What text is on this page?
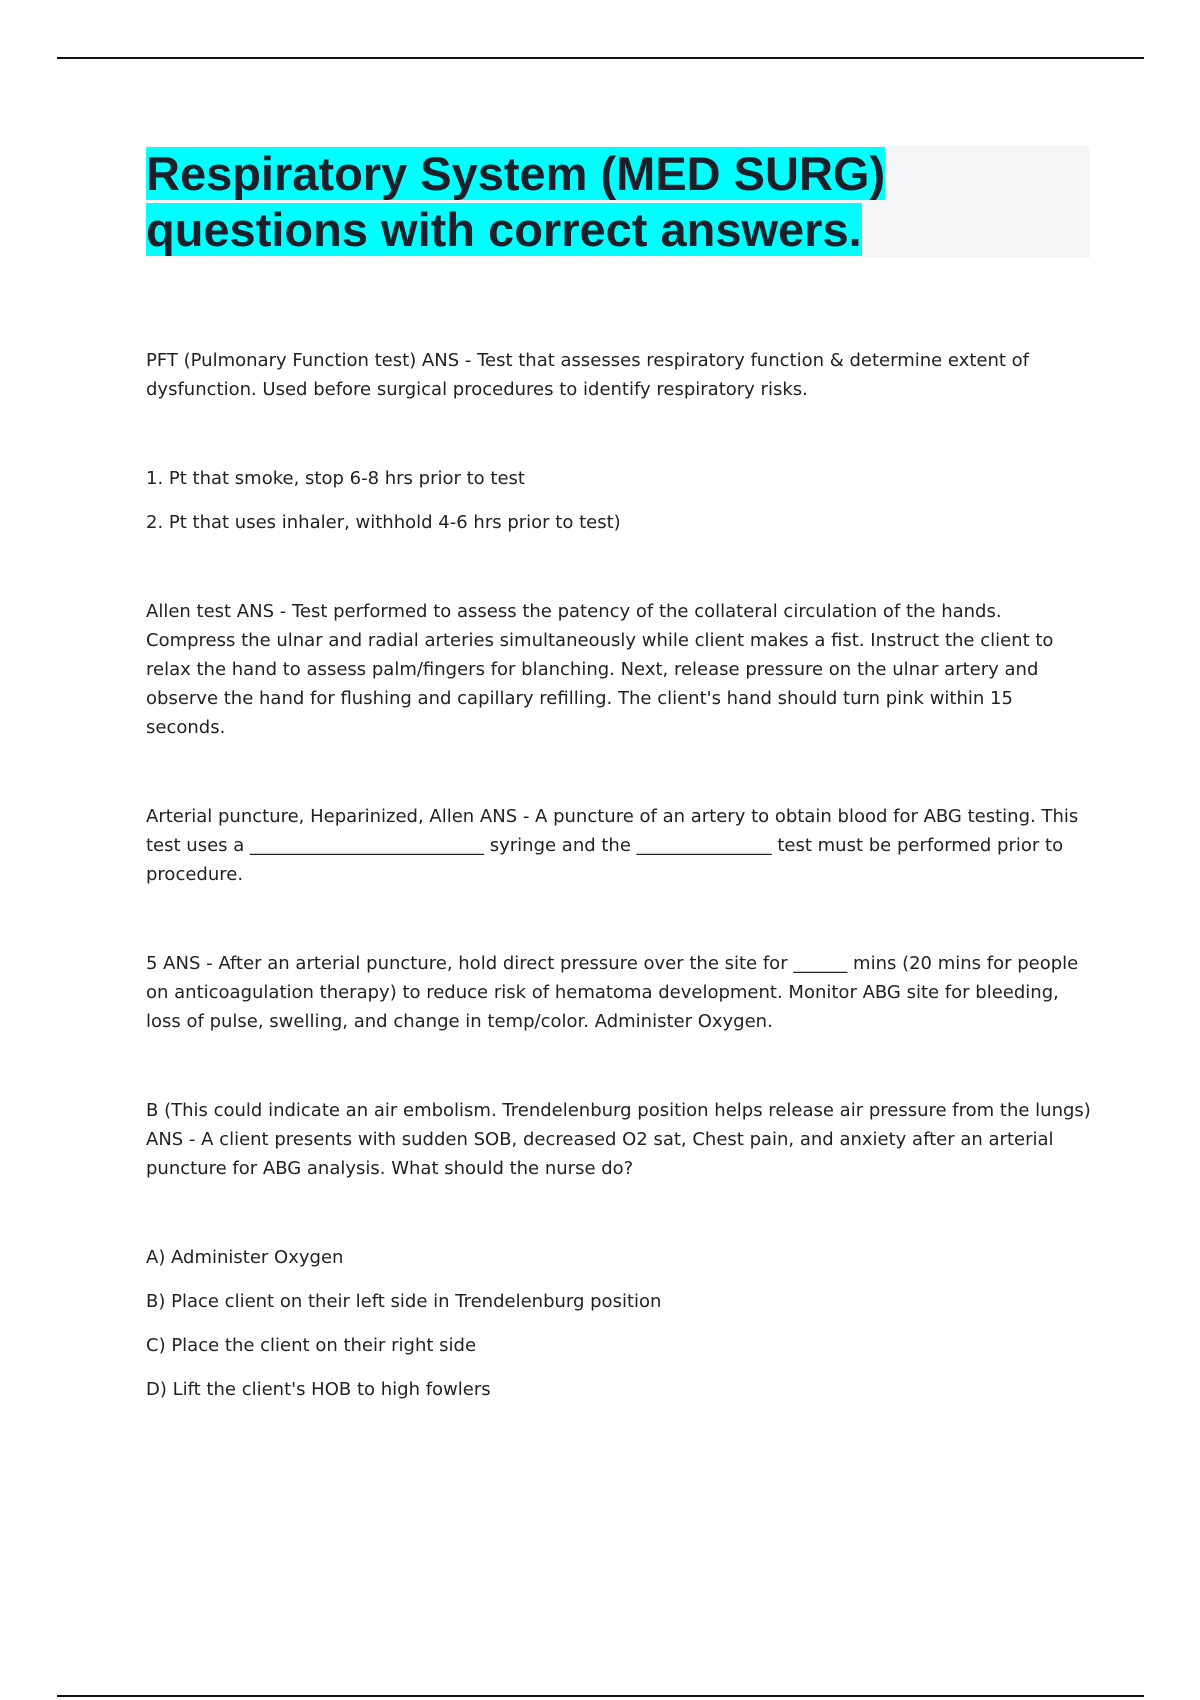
Respiratory System (MED SURG)
questions with correct answers.

PFT (Pulmonary Function test) ANS - Test that assesses respiratory function & determine extent of dysfunction. Used before surgical procedures to identify respiratory risks.

1. Pt that smoke, stop 6-8 hrs prior to test

2. Pt that uses inhaler, withhold 4-6 hrs prior to test)

Allen test ANS - Test performed to assess the patency of the collateral circulation of the hands. Compress the ulnar and radial arteries simultaneously while client makes a fist. Instruct the client to relax the hand to assess palm/fingers for blanching. Next, release pressure on the ulnar artery and observe the hand for flushing and capillary refilling. The client's hand should turn pink within 15 seconds.

Arterial puncture, Heparinized, Allen ANS - A puncture of an artery to obtain blood for ABG testing. This test uses a __________________________ syringe and the _______________ test must be performed prior to procedure.

5 ANS - After an arterial puncture, hold direct pressure over the site for ______ mins (20 mins for people on anticoagulation therapy) to reduce risk of hematoma development. Monitor ABG site for bleeding, loss of pulse, swelling, and change in temp/color. Administer Oxygen.

B (This could indicate an air embolism. Trendelenburg position helps release air pressure from the lungs) ANS - A client presents with sudden SOB, decreased O2 sat, Chest pain, and anxiety after an arterial puncture for ABG analysis. What should the nurse do?

A) Administer Oxygen

B) Place client on their left side in Trendelenburg position

C) Place the client on their right side

D) Lift the client's HOB to high fowlers
